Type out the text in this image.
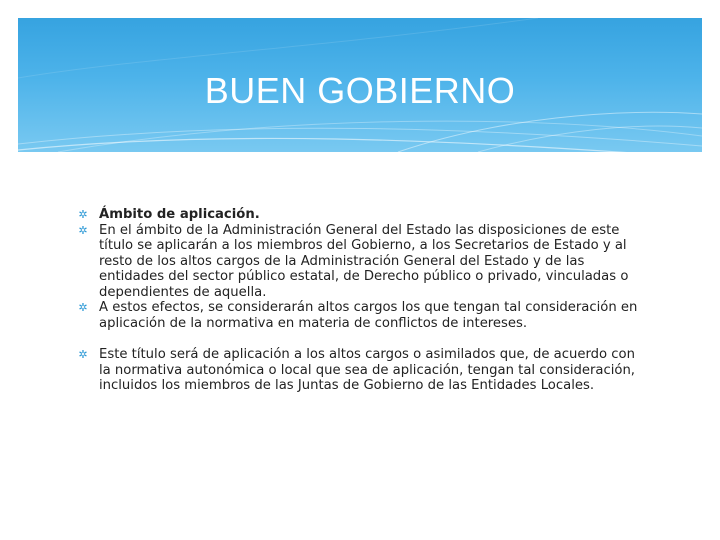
BUEN GOBIERNO
✲ Ámbito de aplicación.
✲ En el ámbito de la Administración General del Estado las disposiciones de este título se aplicarán a los miembros del Gobierno, a los Secretarios de Estado y al resto de los altos cargos de la Administración General del Estado y de las entidades del sector público estatal, de Derecho público o privado, vinculadas o dependientes de aquella.
✲ A estos efectos, se considerarán altos cargos los que tengan tal consideración en aplicación de la normativa en materia de conflictos de intereses.
✲ Este título será de aplicación a los altos cargos o asimilados que, de acuerdo con la normativa autonómica o local que sea de aplicación, tengan tal consideración, incluidos los miembros de las Juntas de Gobierno de las Entidades Locales.
